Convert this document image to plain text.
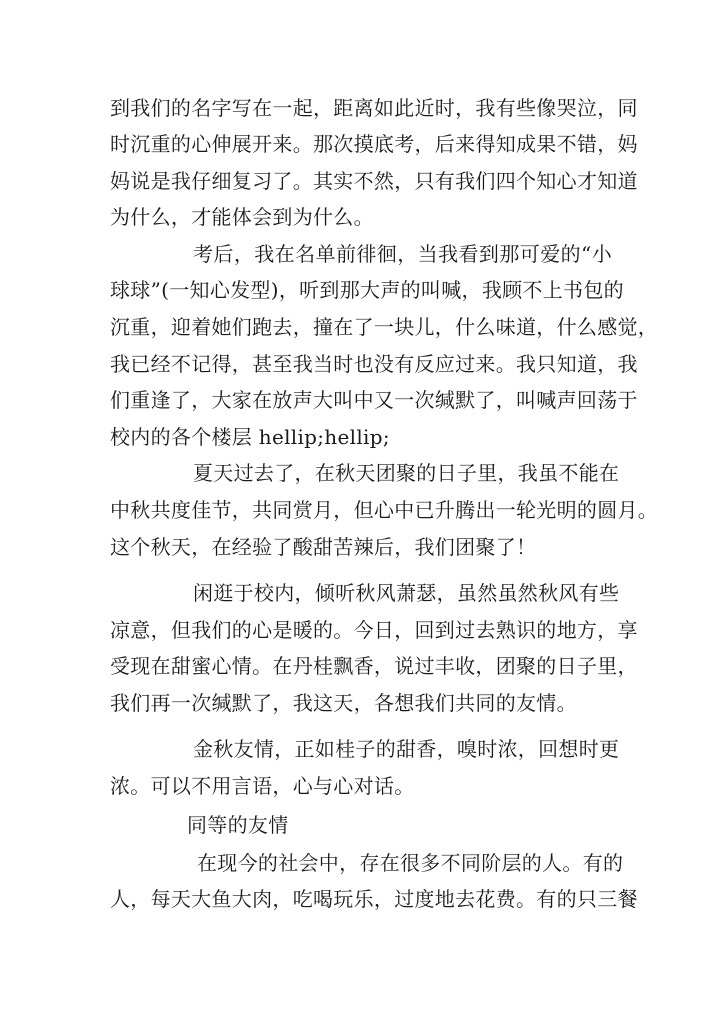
到我们的名字写在一起，距离如此近时，我有些像哭泣，同
时沉重的心伸展开来。那次摸底考，后来得知成果不错，妈
妈说是我仔细复习了。其实不然，只有我们四个知心才知道
为什么，才能体会到为什么。
考后，我在名单前徘徊，当我看到那可爱的“小
球球”(一知心发型)，听到那大声的叫喊，我顾不上书包的
沉重，迎着她们跑去，撞在了一块儿，什么味道，什么感觉，
我已经不记得，甚至我当时也没有反应过来。我只知道，我
们重逢了，大家在放声大叫中又一次缄默了，叫喊声回荡于
校内的各个楼层 hellip;hellip;
夏天过去了，在秋天团聚的日子里，我虽不能在
中秋共度佳节，共同赏月，但心中已升腾出一轮光明的圆月。
这个秋天，在经验了酸甜苦辣后，我们团聚了！
闲逛于校内，倾听秋风萧瑟，虽然虽然秋风有些
凉意，但我们的心是暖的。今日，回到过去熟识的地方，享
受现在甜蜜心情。在丹桂飘香，说过丰收，团聚的日子里，
我们再一次缄默了，我这天，各想我们共同的友情。
金秋友情，正如桂子的甜香，嗅时浓，回想时更
浓。可以不用言语，心与心对话。
同等的友情
在现今的社会中，存在很多不同阶层的人。有的
人，每天大鱼大肉，吃喝玩乐，过度地去花费。有的只三餐
